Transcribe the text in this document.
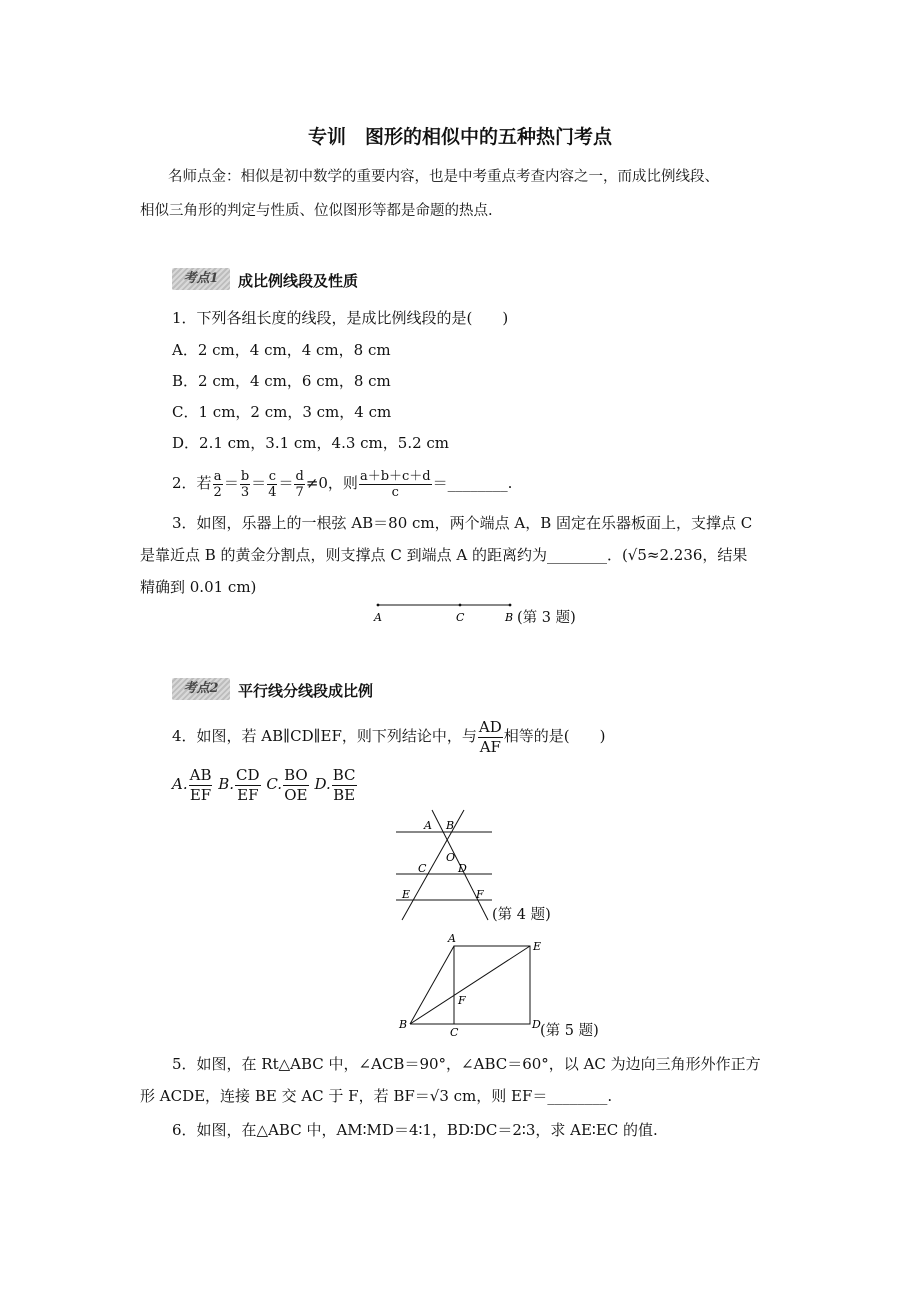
专训　图形的相似中的五种热门考点
名师点金：相似是初中数学的重要内容，也是中考重点考查内容之一，而成比例线段、
相似三角形的判定与性质、位似图形等都是命题的热点.
考点1	成比例线段及性质
1．下列各组长度的线段，是成比例线段的是(　　)
A．2 cm，4 cm，4 cm，8 cm
B．2 cm，4 cm，6 cm，8 cm
C．1 cm，2 cm，3 cm，4 cm
D．2.1 cm，3.1 cm，4.3 cm，5.2 cm
2．若 $\frac{a}{2} = \frac{b}{3} = \frac{c}{4} = \frac{d}{7} \ne 0$，则 $\frac{a+b+c+d}{c}$ ＝________.
3．如图，乐器上的一根弦 AB＝80 cm，两个端点 A，B 固定在乐器板面上，支撑点 C
是靠近点 B 的黄金分割点，则支撑点 C 到端点 A 的距离约为________．(√5≈2.236，结果
精确到 0.01 cm)
A	C	B (第 3 题)
考点2	平行线分线段成比例
4．如图，若 AB∥CD∥EF，则下列结论中，与 $\frac{AD}{AF}$ 相等的是(　　)
A. $\frac{AB}{EF} B$. $\frac{CD}{EF} C$. $\frac{BO}{OE} D$. $\frac{BC}{BE}$
A B
O
C	D
E	F
(第 4 题)
A
E
F
B
C
D (第 5 题)
5．如图，在 Rt△ABC 中，∠ACB＝90°，∠ABC＝60°，以 AC 为边向三角形外作正方
形 ACDE，连接 BE 交 AC 于 F，若 BF＝√3 cm，则 EF＝________.
6．如图，在△ABC 中，AM∶MD＝4∶1，BD∶DC＝2∶3，求 AE∶EC 的值.
